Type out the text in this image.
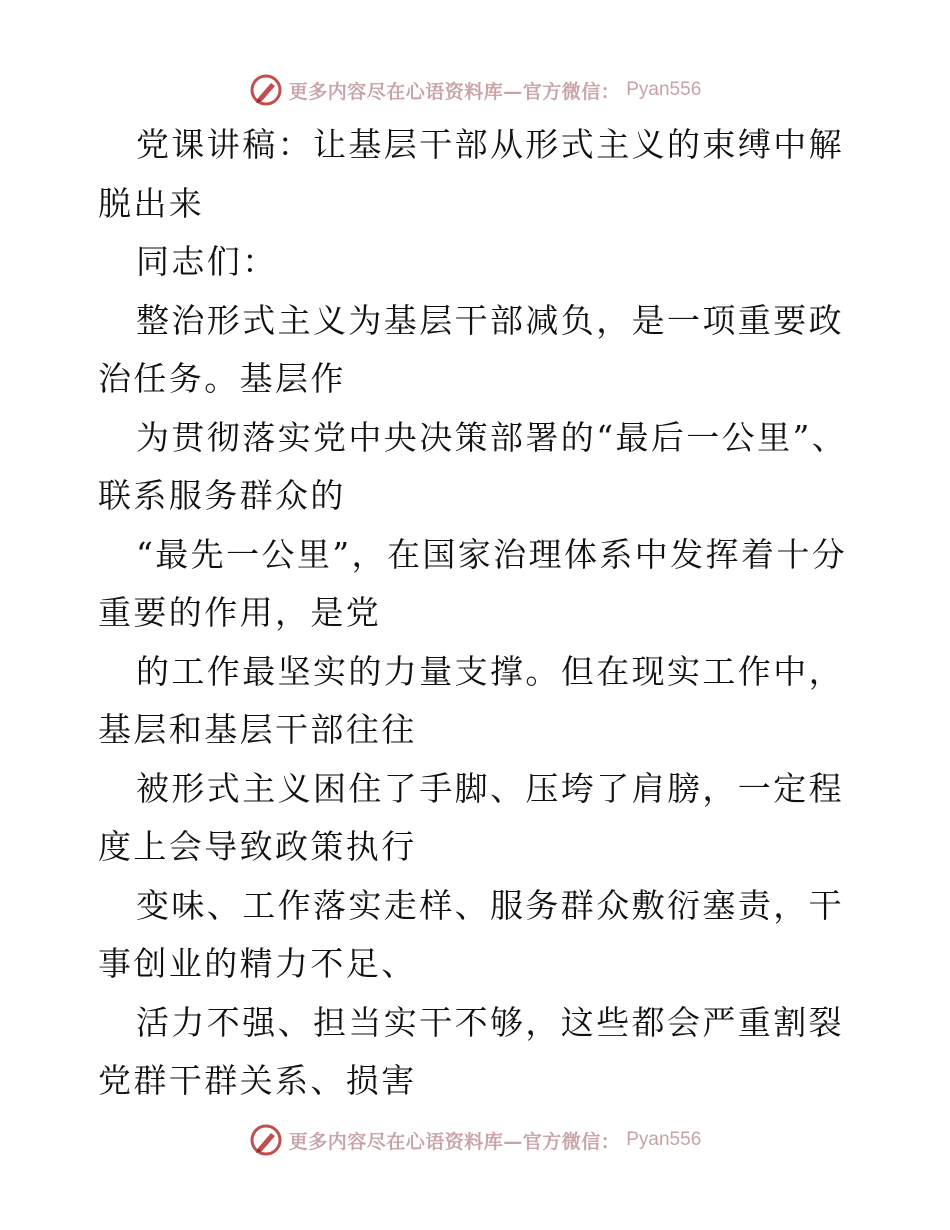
更多内容尽在心语资料库—官方微信： Pyan556

党课讲稿：让基层干部从形式主义的束缚中解脱出来

同志们：

整治形式主义为基层干部减负，是一项重要政治任务。基层作

为贯彻落实党中央决策部署的“最后一公里”、联系服务群众的

“最先一公里”，在国家治理体系中发挥着十分重要的作用，是党

的工作最坚实的力量支撑。但在现实工作中，基层和基层干部往往

被形式主义困住了手脚、压垮了肩膀，一定程度上会导致政策执行

变味、工作落实走样、服务群众敷衍塞责，干事创业的精力不足、

活力不强、担当实干不够，这些都会严重割裂党群干群关系、损害

更多内容尽在心语资料库—官方微信： Pyan556
